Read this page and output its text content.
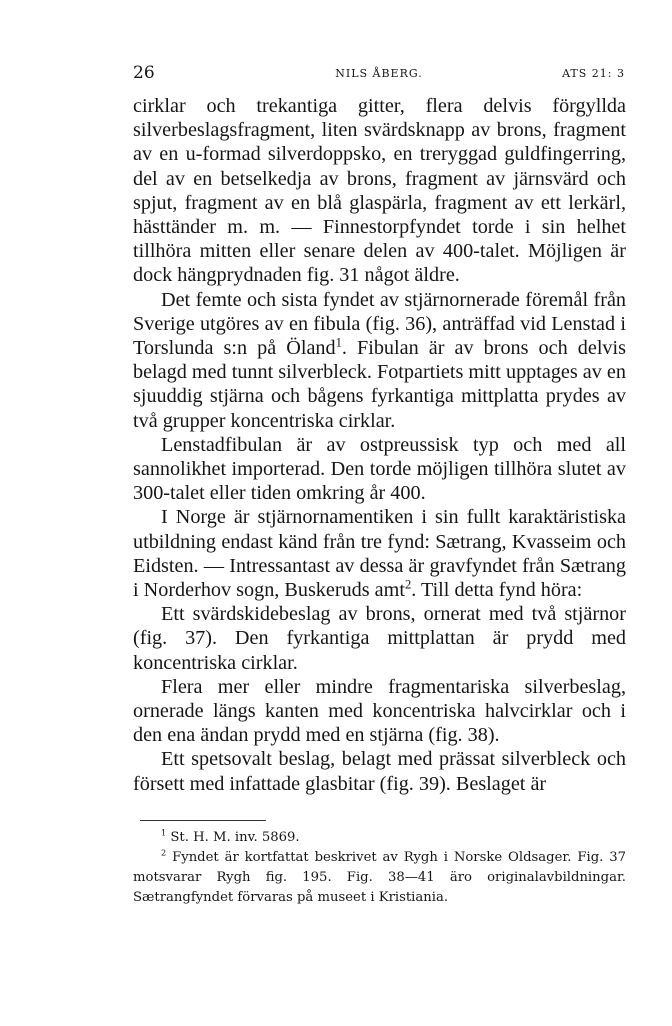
26	NILS ÅBERG.	ATS 21: 3

cirklar och trekantiga gitter, flera delvis förgyllda silverbeslagsfragment, liten svärdsknapp av brons, fragment av en u-formad silverdoppsko, en treryggad guldfingerring, del av en betselkedja av brons, fragment av järnsvärd och spjut, fragment av en blå glaspärla, fragment av ett lerkärl, hästtänder m. m. — Finnestorpfyndet torde i sin helhet tillhöra mitten eller senare delen av 400-talet. Möjligen är dock hängprydnaden fig. 31 något äldre.

Det femte och sista fyndet av stjärnornerade föremål från Sverige utgöres av en fibula (fig. 36), anträffad vid Lenstad i Torslunda s:n på Öland$^1$. Fibulan är av brons och delvis belagd med tunnt silverbleck. Fotpartiets mitt upptages av en sjuuddig stjärna och bågens fyrkantiga mittplatta prydes av två grupper koncentriska cirklar.

Lenstadfibulan är av ostpreussisk typ och med all sannolikhet importerad. Den torde möjligen tillhöra slutet av 300-talet eller tiden omkring år 400.

I Norge är stjärnornamentiken i sin fullt karaktäristiska utbildning endast känd från tre fynd: Sætrang, Kvasseim och Eidsten. — Intressantast av dessa är gravfyndet från Sætrang i Norderhov sogn, Buskeruds amt$^2$. Till detta fynd höra:

Ett svärdskidebeslag av brons, ornerat med två stjärnor (fig. 37). Den fyrkantiga mittplattan är prydd med koncentriska cirklar.

Flera mer eller mindre fragmentariska silverbeslag, ornerade längs kanten med koncentriska halvcirklar och i den ena ändan prydd med en stjärna (fig. 38).

Ett spetsovalt beslag, belagt med prässat silverbleck och försett med infattade glasbitar (fig. 39). Beslaget är

$^1$ St. H. M. inv. 5869.

$^2$ Fyndet är kortfattat beskrivet av Rygh i Norske Oldsager. Fig. 37 motsvarar Rygh fig. 195. Fig. 38—41 äro originalavbildningar. Sætrangfyndet förvaras på museet i Kristiania.
